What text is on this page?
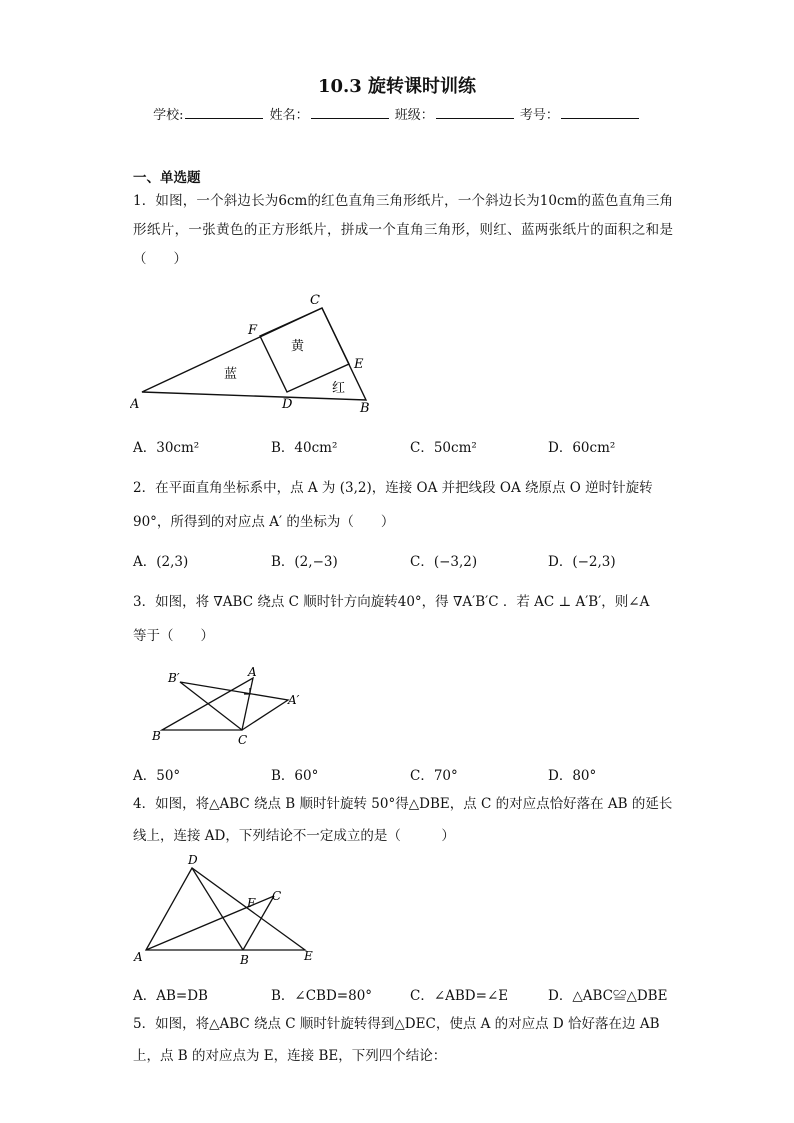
10.3 旋转课时训练
学校:	姓名：	班级：	考号：
一、单选题
1．如图，一个斜边长为6cm的红色直角三角形纸片，一个斜边长为10cm的蓝色直角三角形纸片，一张黄色的正方形纸片，拼成一个直角三角形，则红、蓝两张纸片的面积之和是（　　）
A	B
C
D
E
F
黄
蓝
红
A．30cm²	B．40cm²	C．50cm²	D．60cm²
2．在平面直角坐标系中，点 A 为 (3,2)，连接 OA 并把线段 OA 绕原点 O 逆时针旋转
90°，所得到的对应点 A′ 的坐标为（　　）
A．(2,3)	B．(2,−3)	C．(−3,2)	D．(−2,3)
3．如图，将 ∇ABC 绕点 C 顺时针方向旋转40°，得 ∇A′B′C ．若 AC ⊥ A′B′，则∠A
等于（　　）
B′	A
A′
B	C
A．50°	B．60°	C．70°	D．80°
4．如图，将△ABC 绕点 B 顺时针旋转 50°得△DBE，点 C 的对应点恰好落在 AB 的延长
线上，连接 AD，下列结论不一定成立的是（　　　）
D
C
F
A	B	E
A．AB=DB	B．∠CBD=80°	C．∠ABD=∠E	D．△ABC≌△DBE
5．如图，将△ABC 绕点 C 顺时针旋转得到△DEC，使点 A 的对应点 D 恰好落在边 AB
上，点 B 的对应点为 E，连接 BE，下列四个结论：
